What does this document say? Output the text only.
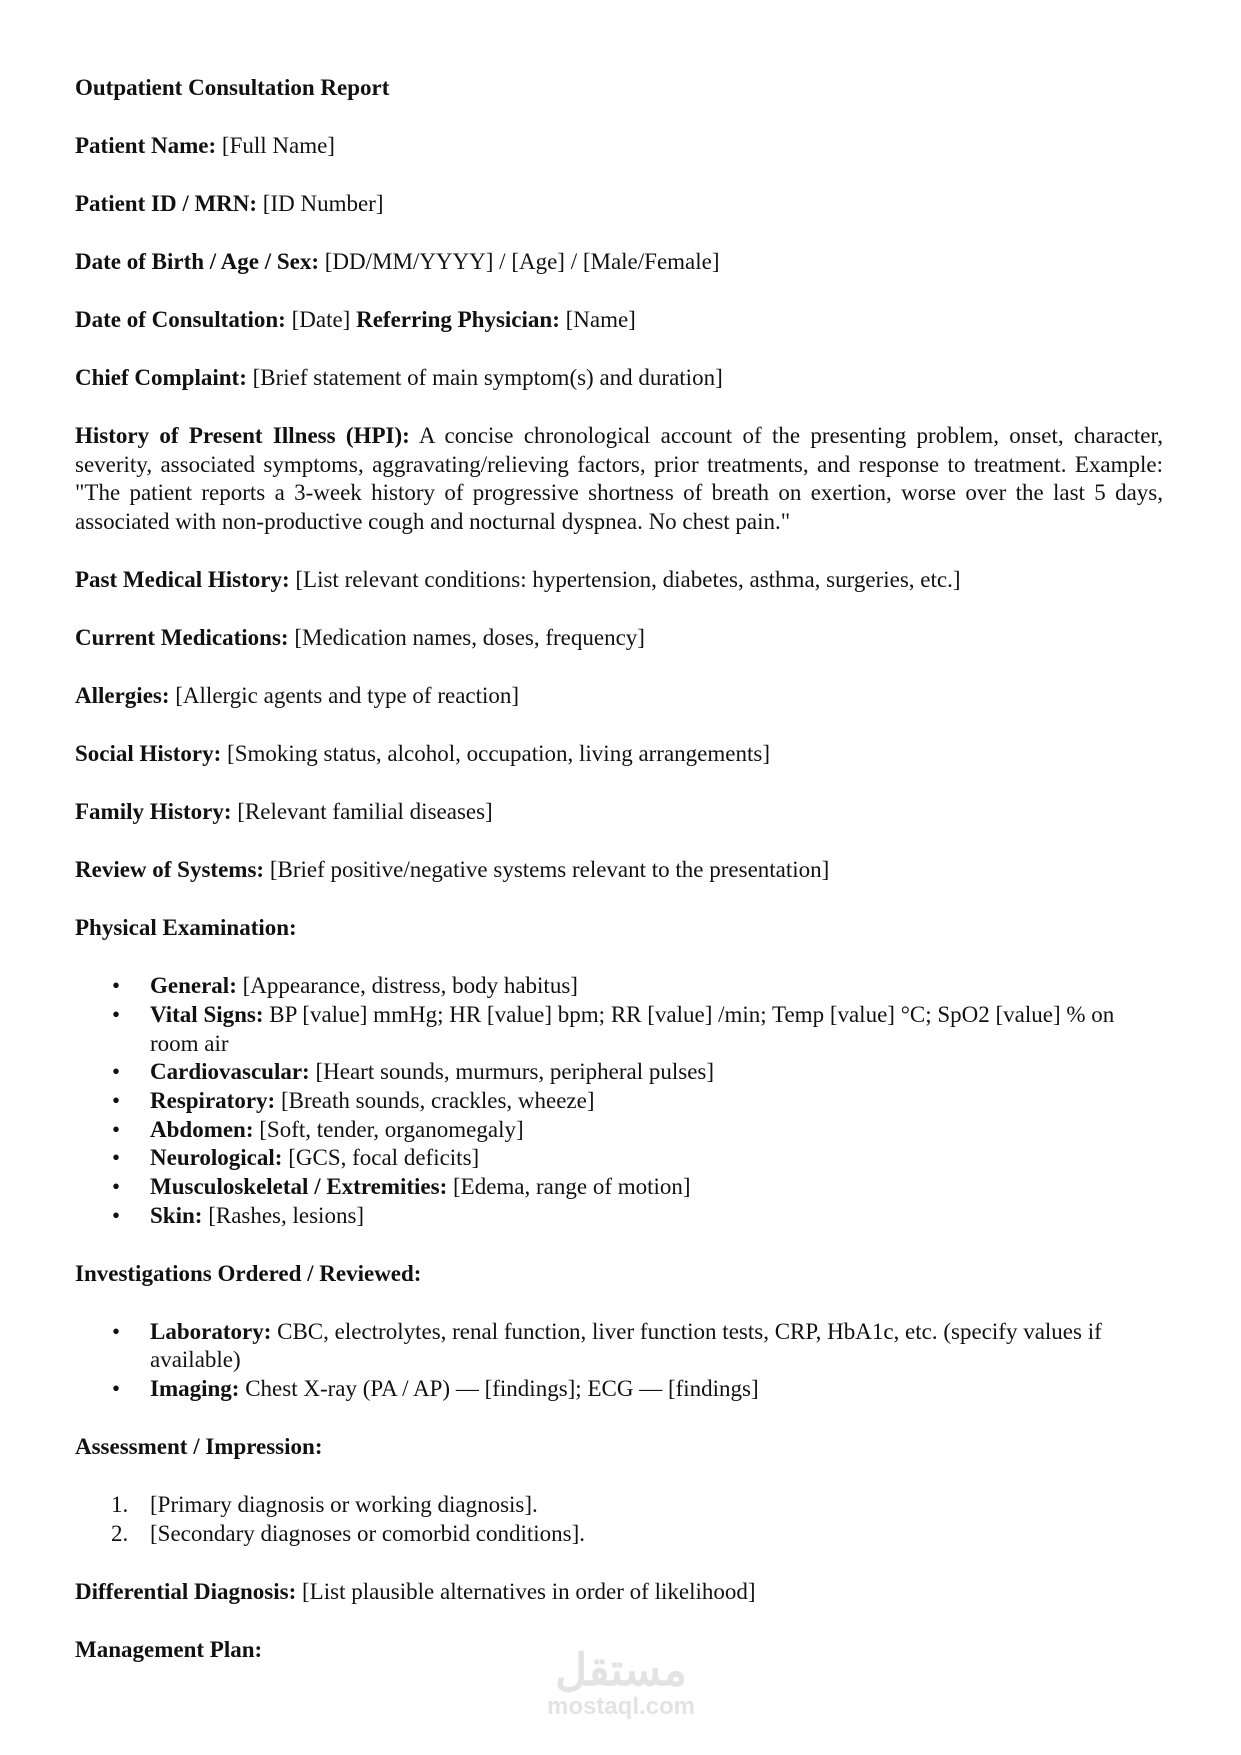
Outpatient Consultation Report

Patient Name: [Full Name]

Patient ID / MRN: [ID Number]

Date of Birth / Age / Sex: [DD/MM/YYYY] / [Age] / [Male/Female]

Date of Consultation: [Date] Referring Physician: [Name]

Chief Complaint: [Brief statement of main symptom(s) and duration]

History of Present Illness (HPI): A concise chronological account of the presenting problem, onset, character, severity, associated symptoms, aggravating/relieving factors, prior treatments, and response to treatment. Example: "The patient reports a 3-week history of progressive shortness of breath on exertion, worse over the last 5 days, associated with non-productive cough and nocturnal dyspnea. No chest pain."

Past Medical History: [List relevant conditions: hypertension, diabetes, asthma, surgeries, etc.]

Current Medications: [Medication names, doses, frequency]

Allergies: [Allergic agents and type of reaction]

Social History: [Smoking status, alcohol, occupation, living arrangements]

Family History: [Relevant familial diseases]

Review of Systems: [Brief positive/negative systems relevant to the presentation]

Physical Examination:

• General: [Appearance, distress, body habitus]
• Vital Signs: BP [value] mmHg; HR [value] bpm; RR [value] /min; Temp [value] °C; SpO2 [value] % on room air
• Cardiovascular: [Heart sounds, murmurs, peripheral pulses]
• Respiratory: [Breath sounds, crackles, wheeze]
• Abdomen: [Soft, tender, organomegaly]
• Neurological: [GCS, focal deficits]
• Musculoskeletal / Extremities: [Edema, range of motion]
• Skin: [Rashes, lesions]

Investigations Ordered / Reviewed:

• Laboratory: CBC, electrolytes, renal function, liver function tests, CRP, HbA1c, etc. (specify values if available)
• Imaging: Chest X-ray (PA / AP) — [findings]; ECG — [findings]

Assessment / Impression:

1. [Primary diagnosis or working diagnosis].
2. [Secondary diagnoses or comorbid conditions].

Differential Diagnosis: [List plausible alternatives in order of likelihood]

Management Plan:	مستقل
mostaql.com
